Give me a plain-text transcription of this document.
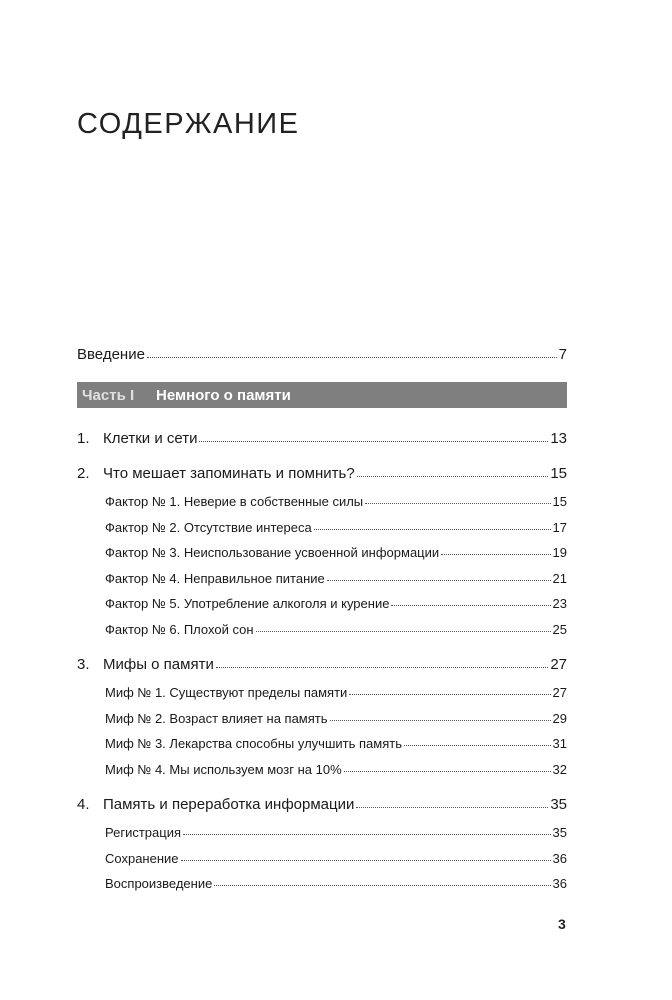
СОДЕРЖАНИЕ
Введение	7
Часть I	Немного о памяти
1. Клетки и сети	13
2. Что мешает запоминать и помнить?	15
Фактор № 1. Неверие в собственные силы	15
Фактор № 2. Отсутствие интереса	17
Фактор № 3. Неиспользование усвоенной информации	19
Фактор № 4. Неправильное питание	21
Фактор № 5. Употребление алкоголя и курение	23
Фактор № 6. Плохой сон	25
3. Мифы о памяти	27
Миф № 1. Существуют пределы памяти	27
Миф № 2. Возраст влияет на память	29
Миф № 3. Лекарства способны улучшить память	31
Миф № 4. Мы используем мозг на 10%	32
4. Память и переработка информации	35
Регистрация	35
Сохранение	36
Воспроизведение	36
3
